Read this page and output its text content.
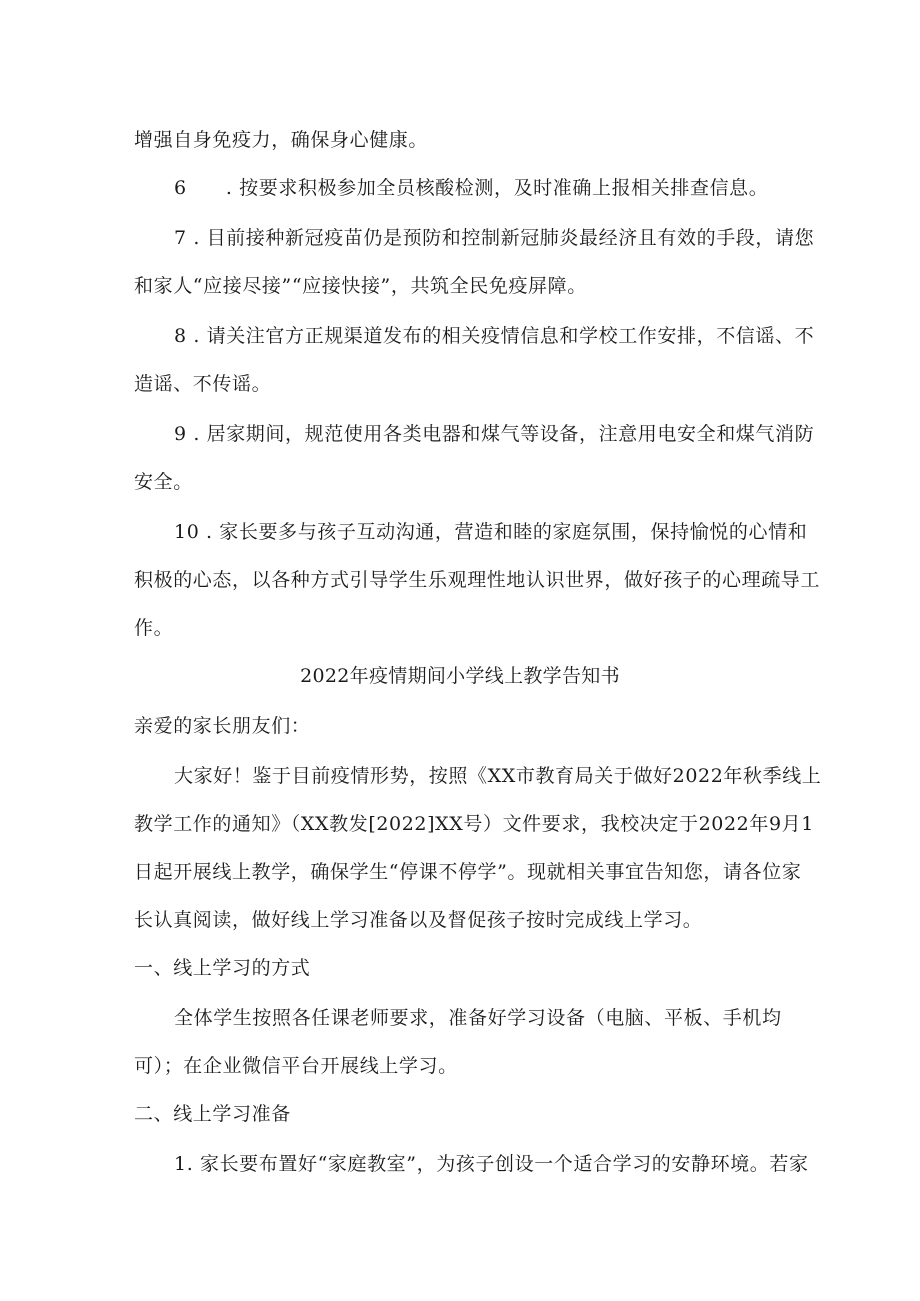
增强自身免疫力，确保身心健康。
6　　. 按要求积极参加全员核酸检测，及时准确上报相关排查信息。
7 . 目前接种新冠疫苗仍是预防和控制新冠肺炎最经济且有效的手段，请您
和家人“应接尽接”“应接快接”，共筑全民免疫屏障。
8 . 请关注官方正规渠道发布的相关疫情信息和学校工作安排，不信谣、不
造谣、不传谣。
9 . 居家期间，规范使用各类电器和煤气等设备，注意用电安全和煤气消防
安全。
10 . 家长要多与孩子互动沟通，营造和睦的家庭氛围，保持愉悦的心情和
积极的心态，以各种方式引导学生乐观理性地认识世界，做好孩子的心理疏导工
作。
2022年疫情期间小学线上教学告知书
亲爱的家长朋友们：
大家好！鉴于目前疫情形势，按照《XX市教育局关于做好2022年秋季线上
教学工作的通知》（XX教发[2022]XX号）文件要求，我校决定于2022年9月1
日起开展线上教学，确保学生“停课不停学”。现就相关事宜告知您，请各位家
长认真阅读，做好线上学习准备以及督促孩子按时完成线上学习。
一、线上学习的方式
全体学生按照各任课老师要求，准备好学习设备（电脑、平板、手机均
可）；在企业微信平台开展线上学习。
二、线上学习准备
1. 家长要布置好“家庭教室”，为孩子创设一个适合学习的安静环境。若家
